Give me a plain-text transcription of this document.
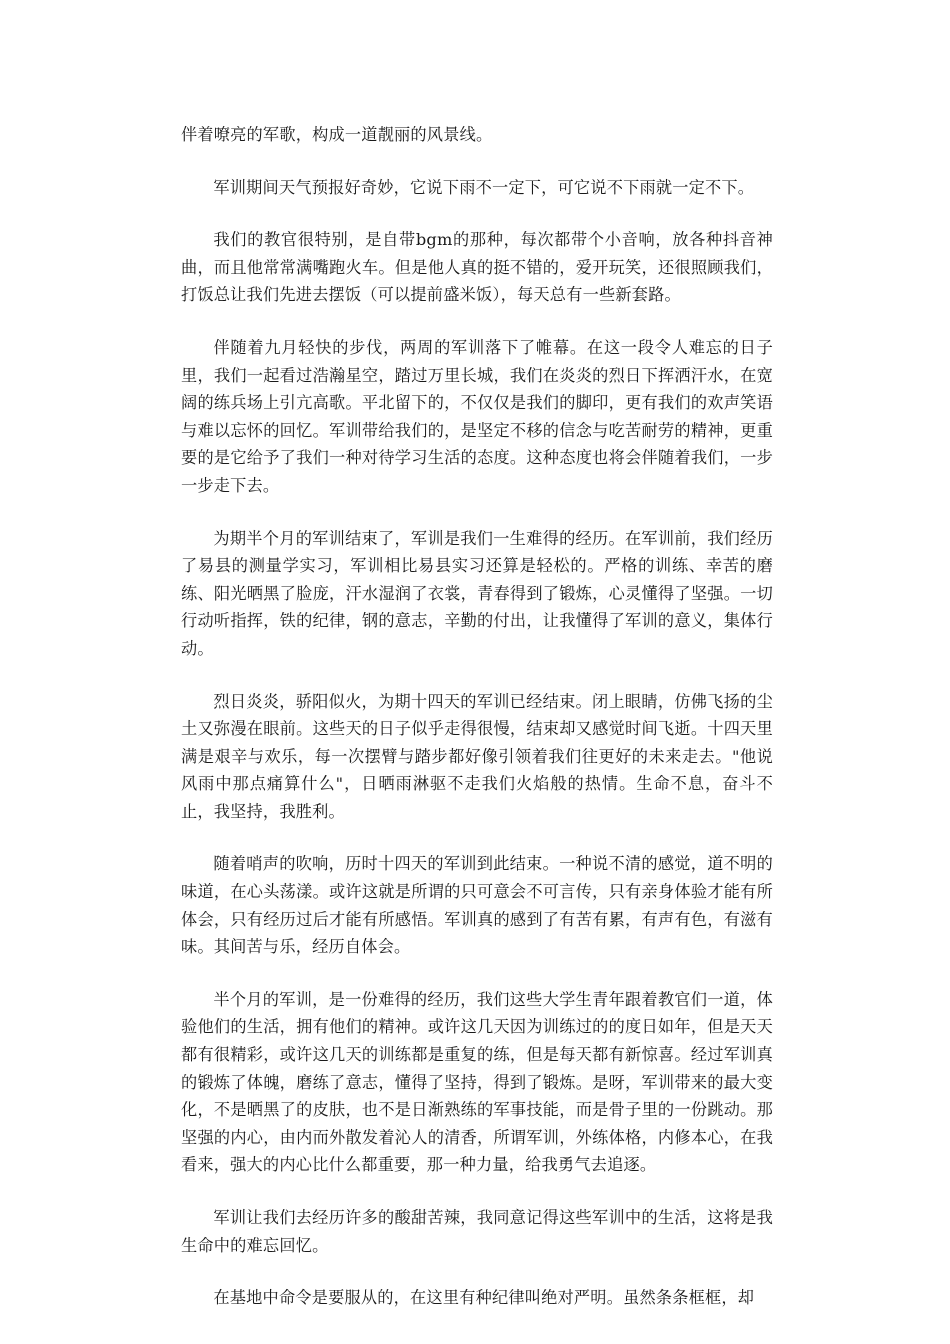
伴着嘹亮的军歌，构成一道靓丽的风景线。

军训期间天气预报好奇妙，它说下雨不一定下，可它说不下雨就一定不下。

我们的教官很特别，是自带bgm的那种，每次都带个小音响，放各种抖音神曲，而且他常常满嘴跑火车。但是他人真的挺不错的，爱开玩笑，还很照顾我们，打饭总让我们先进去摆饭（可以提前盛米饭），每天总有一些新套路。

伴随着九月轻快的步伐，两周的军训落下了帷幕。在这一段令人难忘的日子里，我们一起看过浩瀚星空，踏过万里长城，我们在炎炎的烈日下挥洒汗水，在宽阔的练兵场上引亢高歌。平北留下的，不仅仅是我们的脚印，更有我们的欢声笑语与难以忘怀的回忆。军训带给我们的，是坚定不移的信念与吃苦耐劳的精神，更重要的是它给予了我们一种对待学习生活的态度。这种态度也将会伴随着我们，一步一步走下去。

为期半个月的军训结束了，军训是我们一生难得的经历。在军训前，我们经历了易县的测量学实习，军训相比易县实习还算是轻松的。严格的训练、幸苦的磨练、阳光晒黑了脸庞，汗水湿润了衣裳，青春得到了锻炼，心灵懂得了坚强。一切行动听指挥，铁的纪律，钢的意志，辛勤的付出，让我懂得了军训的意义，集体行动。

烈日炎炎，骄阳似火，为期十四天的军训已经结束。闭上眼睛，仿佛飞扬的尘土又弥漫在眼前。这些天的日子似乎走得很慢，结束却又感觉时间飞逝。十四天里满是艰辛与欢乐，每一次摆臂与踏步都好像引领着我们往更好的未来走去。"他说风雨中那点痛算什么"，日晒雨淋驱不走我们火焰般的热情。生命不息，奋斗不止，我坚持，我胜利。

随着哨声的吹响，历时十四天的军训到此结束。一种说不清的感觉，道不明的味道，在心头荡漾。或许这就是所谓的只可意会不可言传，只有亲身体验才能有所体会，只有经历过后才能有所感悟。军训真的感到了有苦有累，有声有色，有滋有味。其间苦与乐，经历自体会。

半个月的军训，是一份难得的经历，我们这些大学生青年跟着教官们一道，体验他们的生活，拥有他们的精神。或许这几天因为训练过的的度日如年，但是天天都有很精彩，或许这几天的训练都是重复的练，但是每天都有新惊喜。经过军训真的锻炼了体魄，磨练了意志，懂得了坚持，得到了锻炼。是呀，军训带来的最大变化，不是晒黑了的皮肤，也不是日渐熟练的军事技能，而是骨子里的一份跳动。那坚强的内心，由内而外散发着沁人的清香，所谓军训，外练体格，内修本心，在我看来，强大的内心比什么都重要，那一种力量，给我勇气去追逐。

军训让我们去经历许多的酸甜苦辣，我同意记得这些军训中的生活，这将是我生命中的难忘回忆。

在基地中命令是要服从的，在这里有种纪律叫绝对严明。虽然条条框框，却
